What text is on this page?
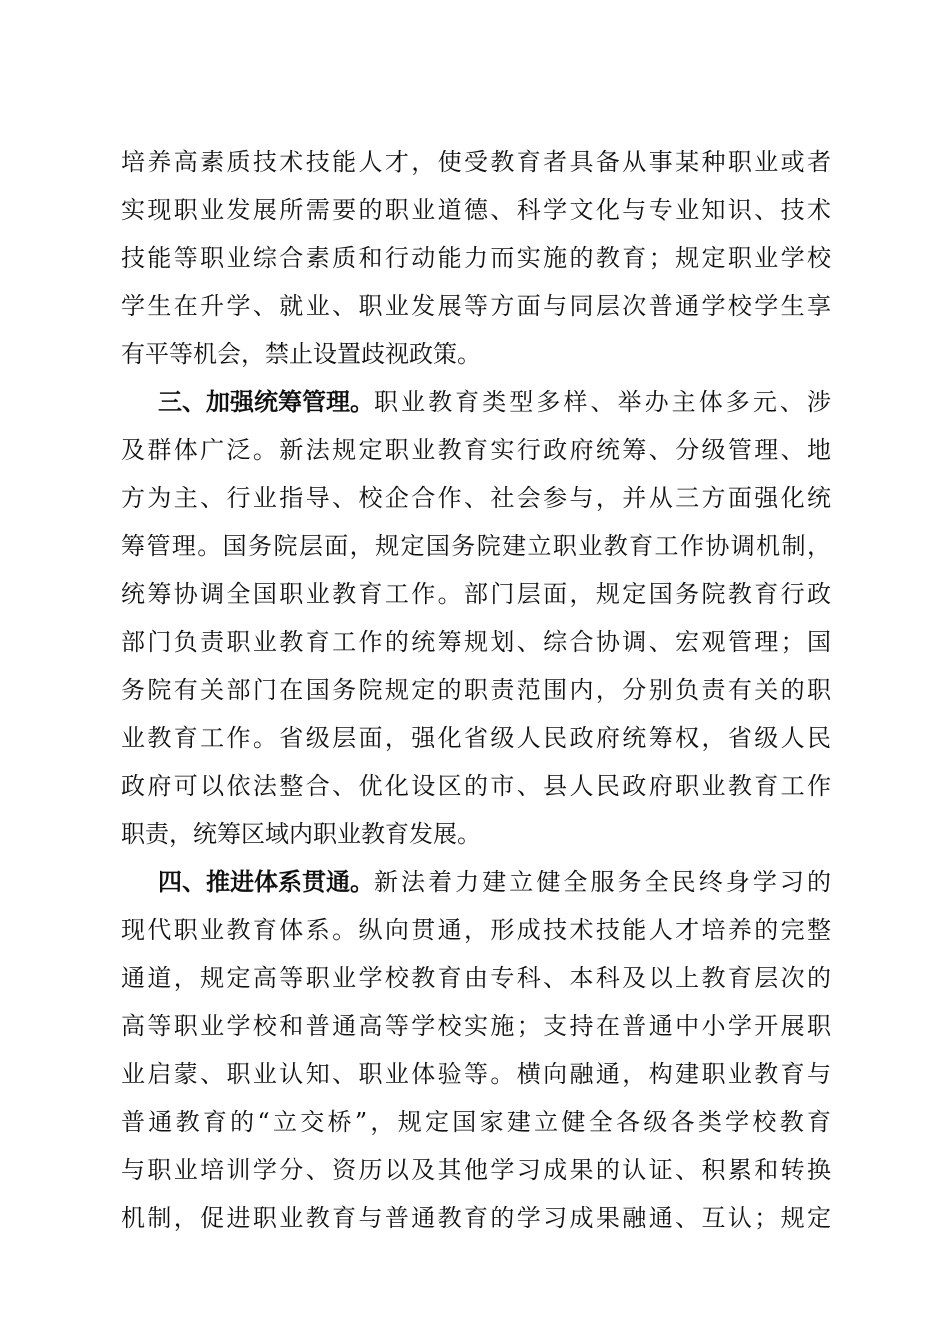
培养高素质技术技能人才，使受教育者具备从事某种职业或者
实现职业发展所需要的职业道德、科学文化与专业知识、技术
技能等职业综合素质和行动能力而实施的教育；规定职业学校
学生在升学、就业、职业发展等方面与同层次普通学校学生享
有平等机会，禁止设置歧视政策。
三、加强统筹管理。 职业教育类型多样、举办主体多元、涉
及群体广泛。新法规定职业教育实行政府统筹、分级管理、地
方为主、行业指导、校企合作、社会参与，并从三方面强化统
筹管理。国务院层面，规定国务院建立职业教育工作协调机制，
统筹协调全国职业教育工作。部门层面，规定国务院教育行政
部门负责职业教育工作的统筹规划、综合协调、宏观管理；国
务院有关部门在国务院规定的职责范围内，分别负责有关的职
业教育工作。省级层面，强化省级人民政府统筹权，省级人民
政府可以依法整合、优化设区的市、县人民政府职业教育工作
职责，统筹区域内职业教育发展。
四、推进体系贯通。 新法着力建立健全服务全民终身学习的
现代职业教育体系。纵向贯通，形成技术技能人才培养的完整
通道，规定高等职业学校教育由专科、本科及以上教育层次的
高等职业学校和普通高等学校实施；支持在普通中小学开展职
业启蒙、职业认知、职业体验等。横向融通，构建职业教育与
普通教育的“立交桥”，规定国家建立健全各级各类学校教育
与职业培训学分、资历以及其他学习成果的认证、积累和转换
机制，促进职业教育与普通教育的学习成果融通、互认；规定
